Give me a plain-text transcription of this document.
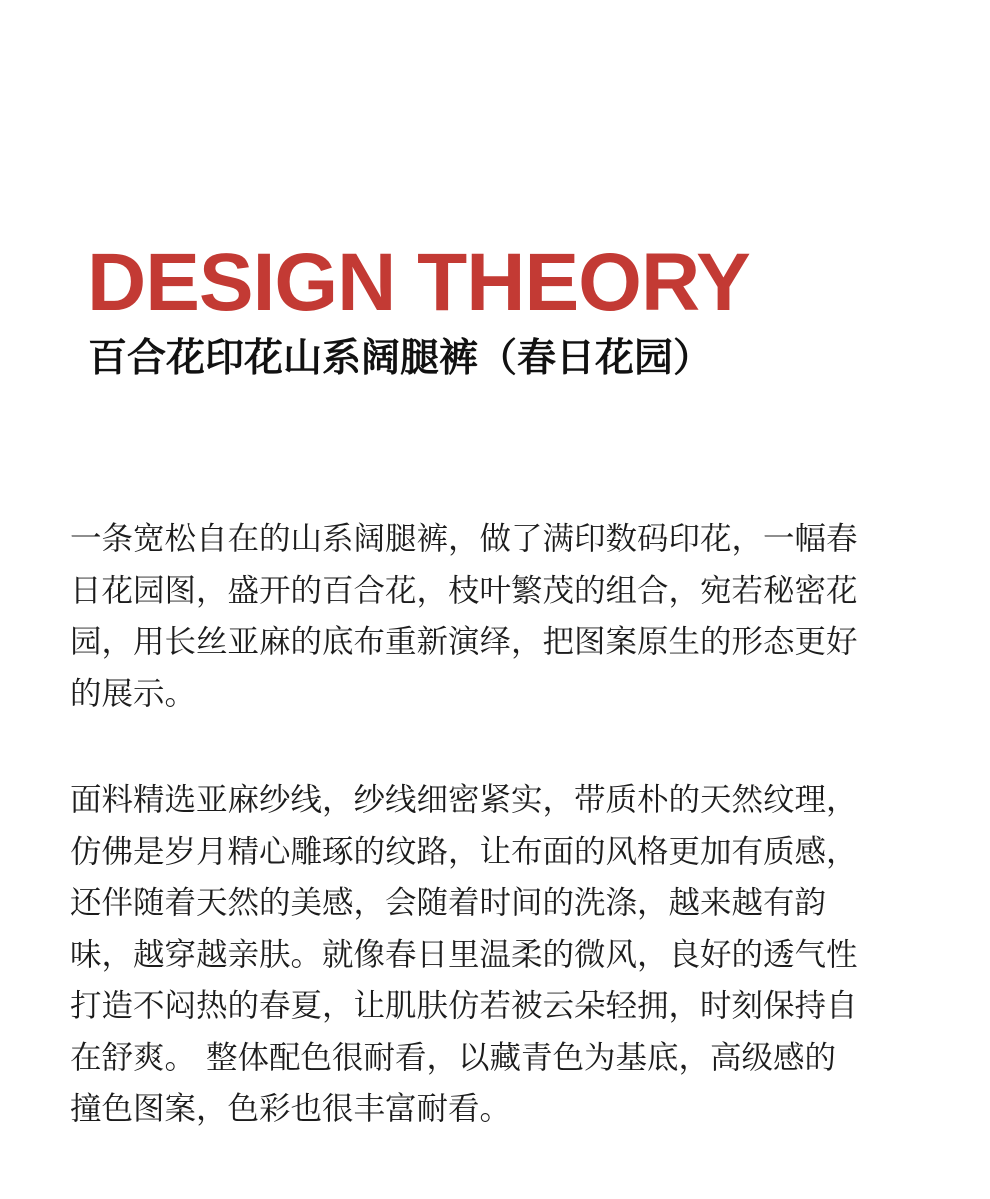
DESIGN THEORY
百合花印花山系阔腿裤（春日花园）

一条宽松自在的山系阔腿裤，做了满印数码印花，一幅春
日花园图，盛开的百合花，枝叶繁茂的组合，宛若秘密花
园，用长丝亚麻的底布重新演绎，把图案原生的形态更好
的展示。

面料精选亚麻纱线，纱线细密紧实，带质朴的天然纹理，
仿佛是岁月精心雕琢的纹路，让布面的风格更加有质感，
还伴随着天然的美感，会随着时间的洗涤，越来越有韵
味，越穿越亲肤。就像春日里温柔的微风，良好的透气性
打造不闷热的春夏，让肌肤仿若被云朵轻拥，时刻保持自
在舒爽。 整体配色很耐看，以藏青色为基底，高级感的
撞色图案，色彩也很丰富耐看。
